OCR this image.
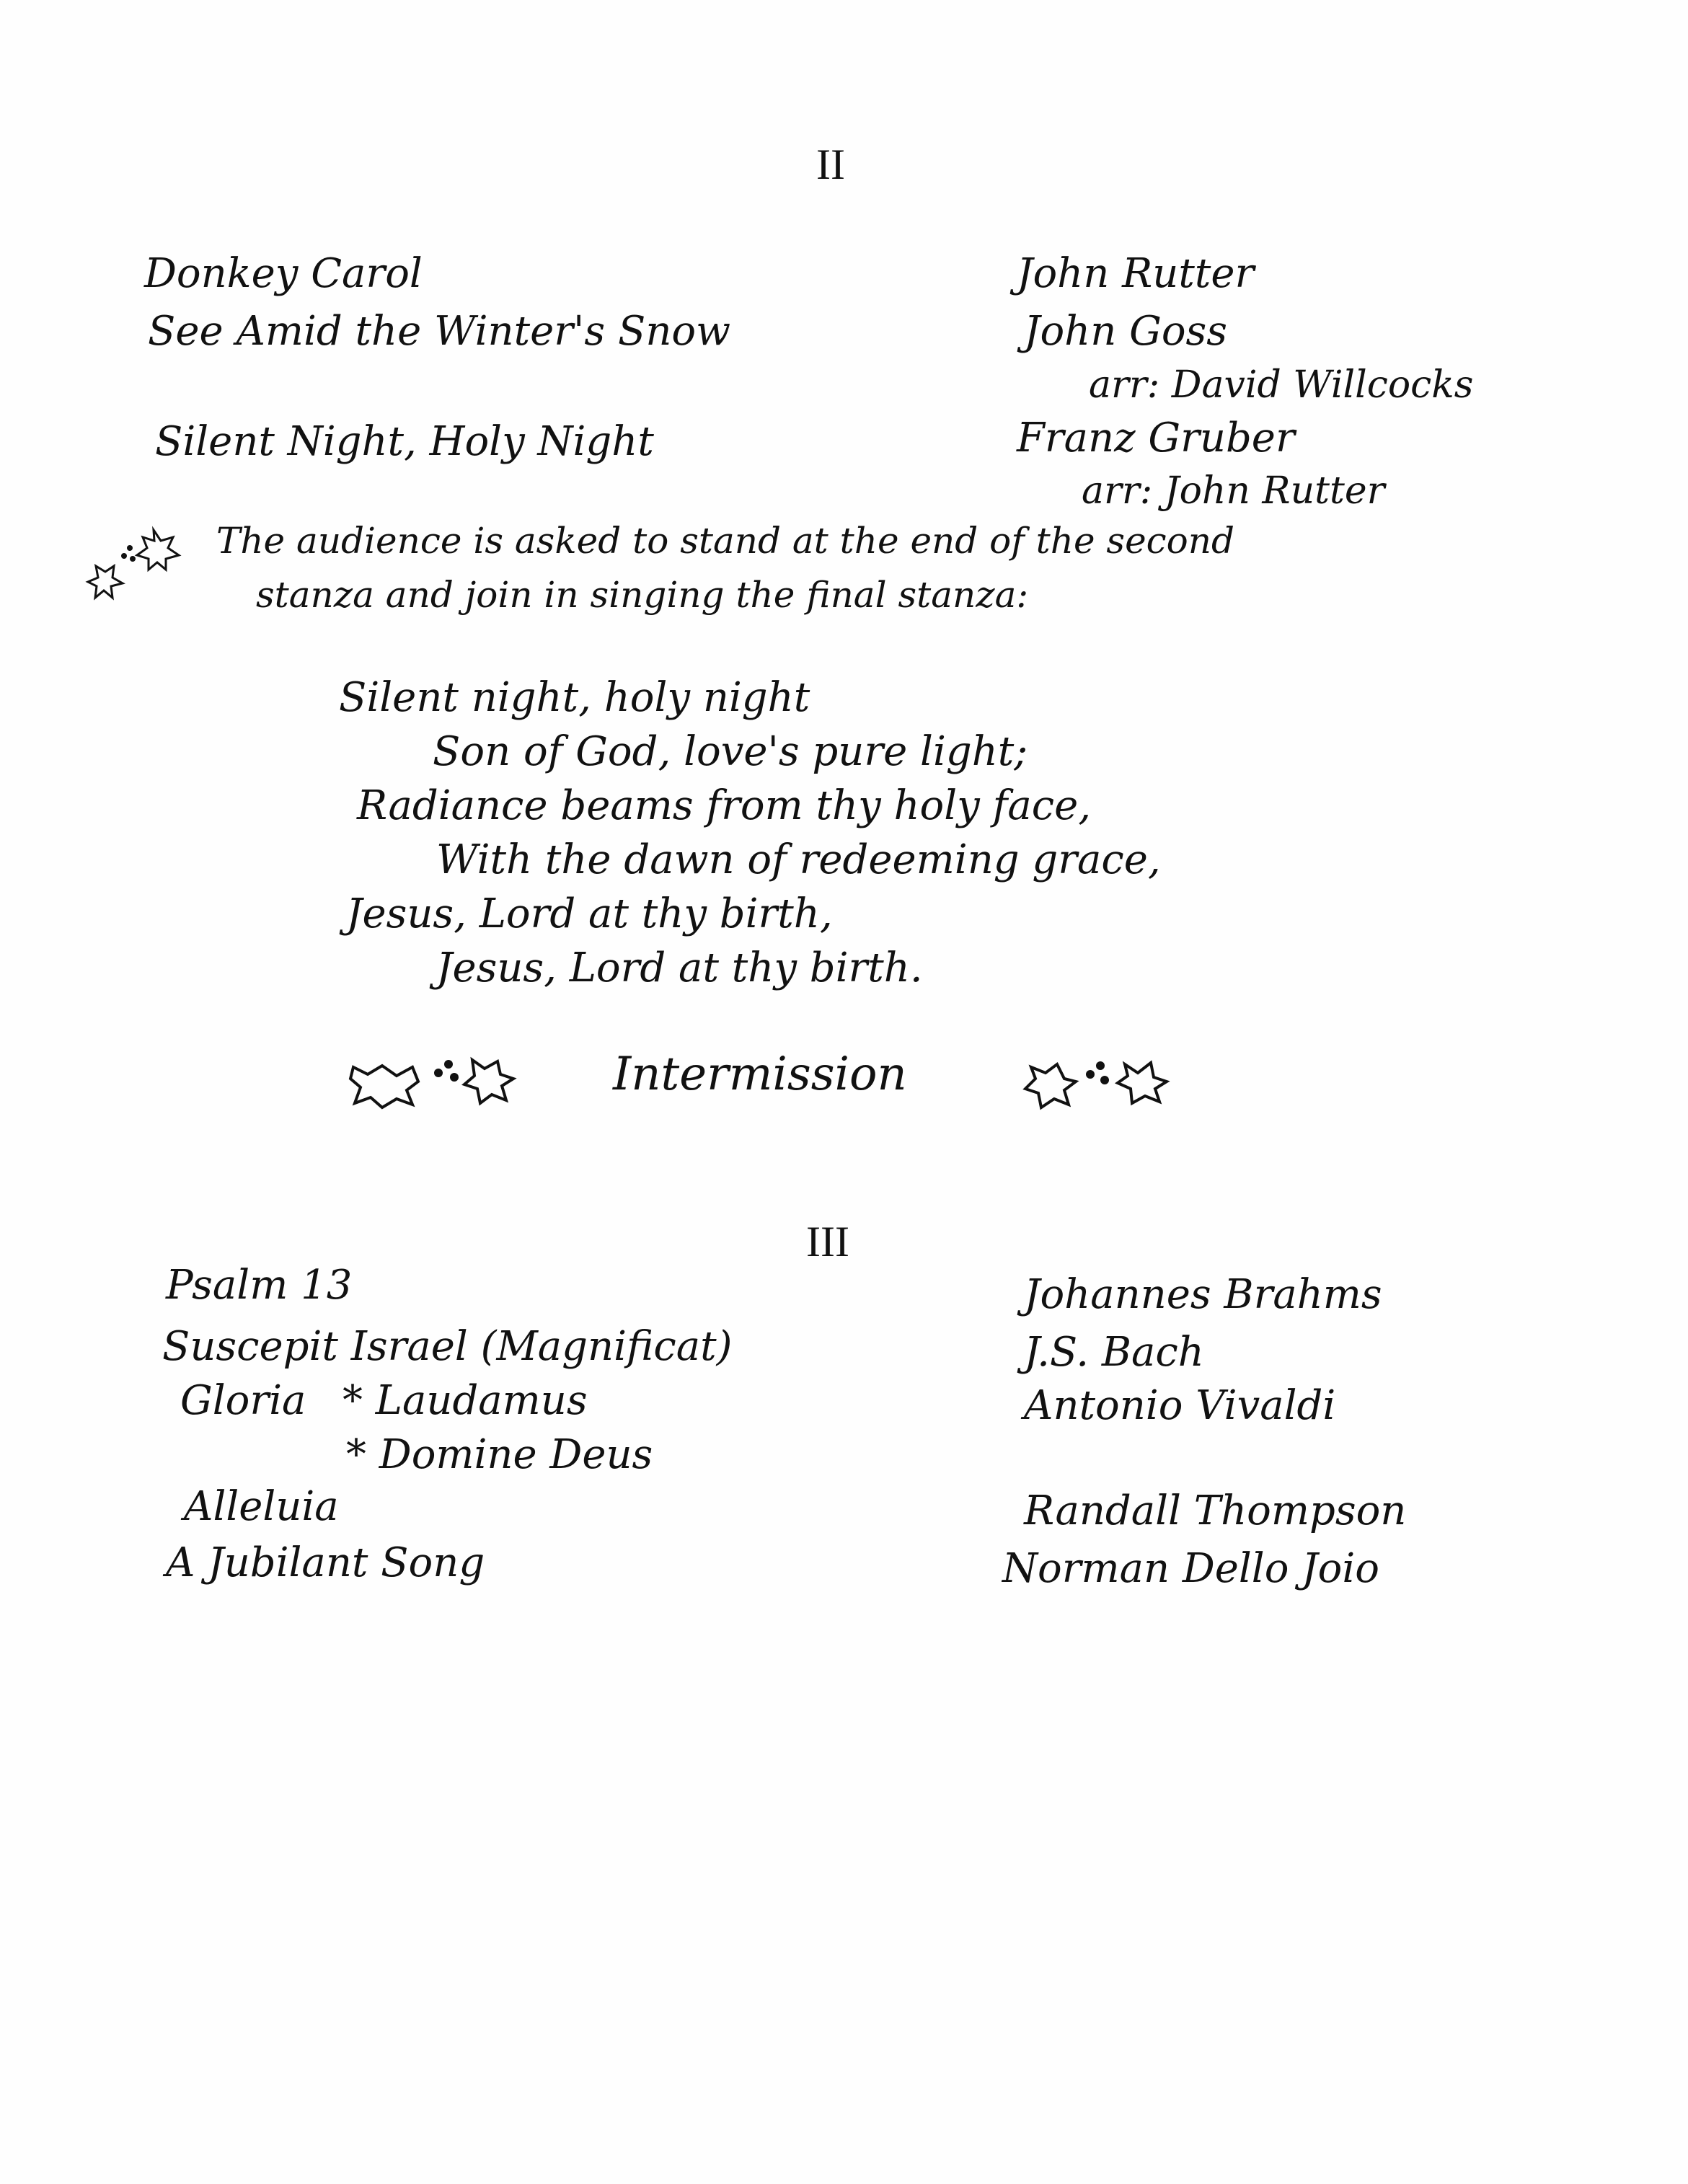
II
Donkey Carol	John Rutter
See Amid the Winter's Snow	John Goss
arr: David Willcocks
Silent Night, Holy Night	Franz Gruber
arr: John Rutter
The audience is asked to stand at the end of the second
stanza and join in singing the final stanza:
Silent night, holy night
Son of God, love's pure light;
Radiance beams from thy holy face,
With the dawn of redeeming grace,
Jesus, Lord at thy birth,
Jesus, Lord at thy birth.
Intermission
III
Psalm 13	Johannes Brahms
Suscepit Israel (Magnificat)	J.S. Bach
Gloria	Antonio Vivaldi
* Laudamus
* Domine Deus
Alleluia	Randall Thompson
A Jubilant Song	Norman Dello Joio
